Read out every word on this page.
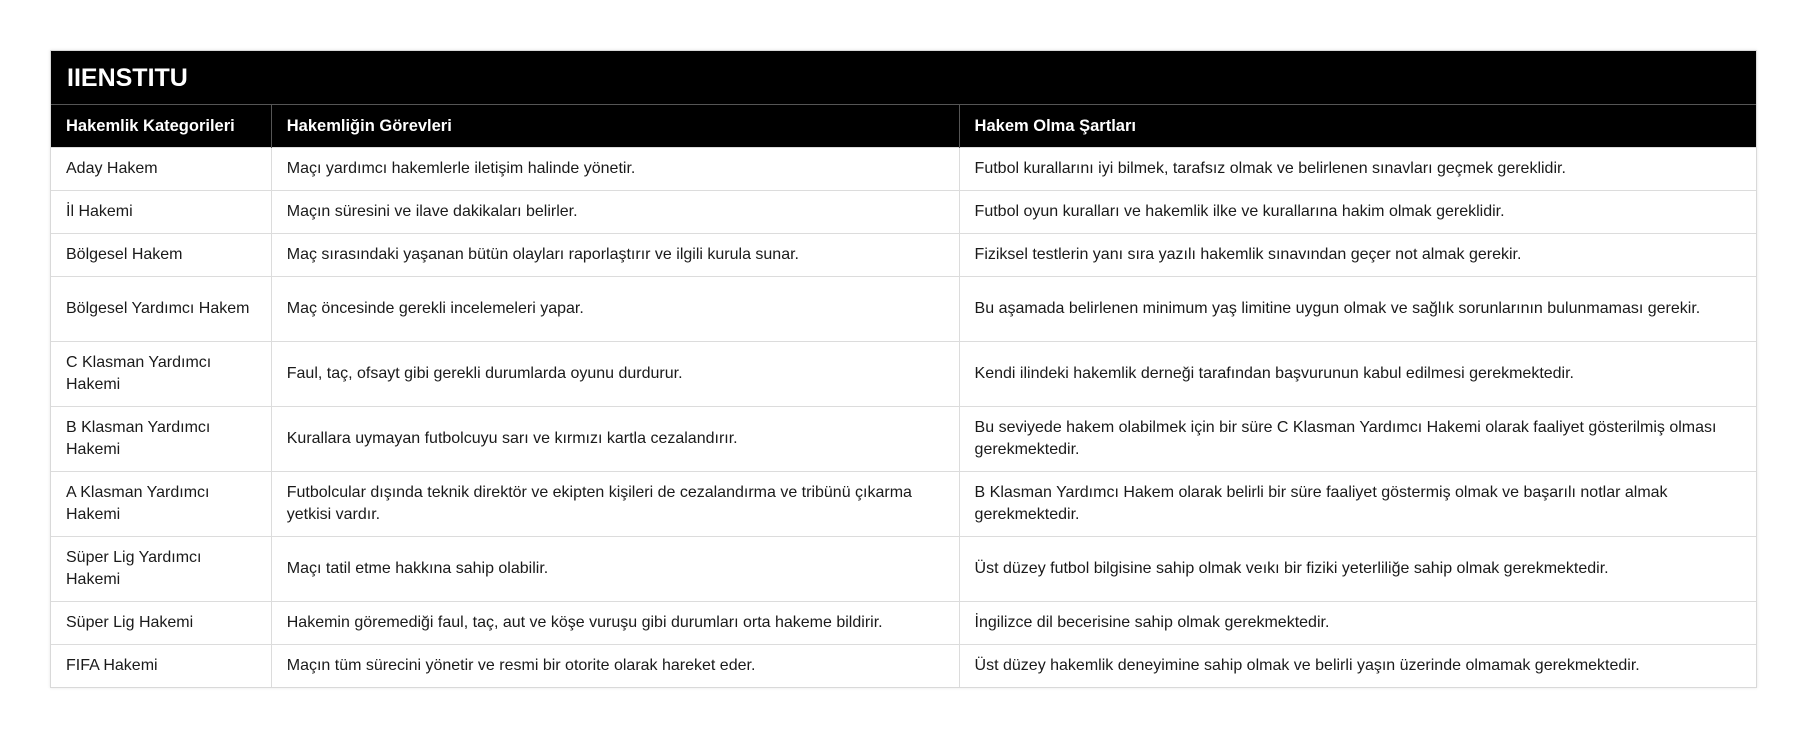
IIENSTITU
Hakemlik Kategorileri	Hakemliğin Görevleri	Hakem Olma Şartları
Aday Hakem	Maçı yardımcı hakemlerle iletişim halinde yönetir.	Futbol kurallarını iyi bilmek, tarafsız olmak ve belirlenen sınavları geçmek gereklidir.
İl Hakemi	Maçın süresini ve ilave dakikaları belirler.	Futbol oyun kuralları ve hakemlik ilke ve kurallarına hakim olmak gereklidir.
Bölgesel Hakem	Maç sırasındaki yaşanan bütün olayları raporlaştırır ve ilgili kurula sunar.	Fiziksel testlerin yanı sıra yazılı hakemlik sınavından geçer not almak gerekir.
Bölgesel Yardımcı Hakem	Maç öncesinde gerekli incelemeleri yapar.	Bu aşamada belirlenen minimum yaş limitine uygun olmak ve sağlık sorunlarının bulunmaması gerekir.
C Klasman Yardımcı Hakemi	Faul, taç, ofsayt gibi gerekli durumlarda oyunu durdurur.	Kendi ilindeki hakemlik derneği tarafından başvurunun kabul edilmesi gerekmektedir.
B Klasman Yardımcı Hakemi	Kurallara uymayan futbolcuyu sarı ve kırmızı kartla cezalandırır.	Bu seviyede hakem olabilmek için bir süre C Klasman Yardımcı Hakemi olarak faaliyet gösterilmiş olması gerekmektedir.
A Klasman Yardımcı Hakemi	Futbolcular dışında teknik direktör ve ekipten kişileri de cezalandırma ve tribünü çıkarma yetkisi vardır.	B Klasman Yardımcı Hakem olarak belirli bir süre faaliyet göstermiş olmak ve başarılı notlar almak gerekmektedir.
Süper Lig Yardımcı Hakemi	Maçı tatil etme hakkına sahip olabilir.	Üst düzey futbol bilgisine sahip olmak veıkı bir fiziki yeterliliğe sahip olmak gerekmektedir.
Süper Lig Hakemi	Hakemin göremediği faul, taç, aut ve köşe vuruşu gibi durumları orta hakeme bildirir.	İngilizce dil becerisine sahip olmak gerekmektedir.
FIFA Hakemi	Maçın tüm sürecini yönetir ve resmi bir otorite olarak hareket eder.	Üst düzey hakemlik deneyimine sahip olmak ve belirli yaşın üzerinde olmamak gerekmektedir.
